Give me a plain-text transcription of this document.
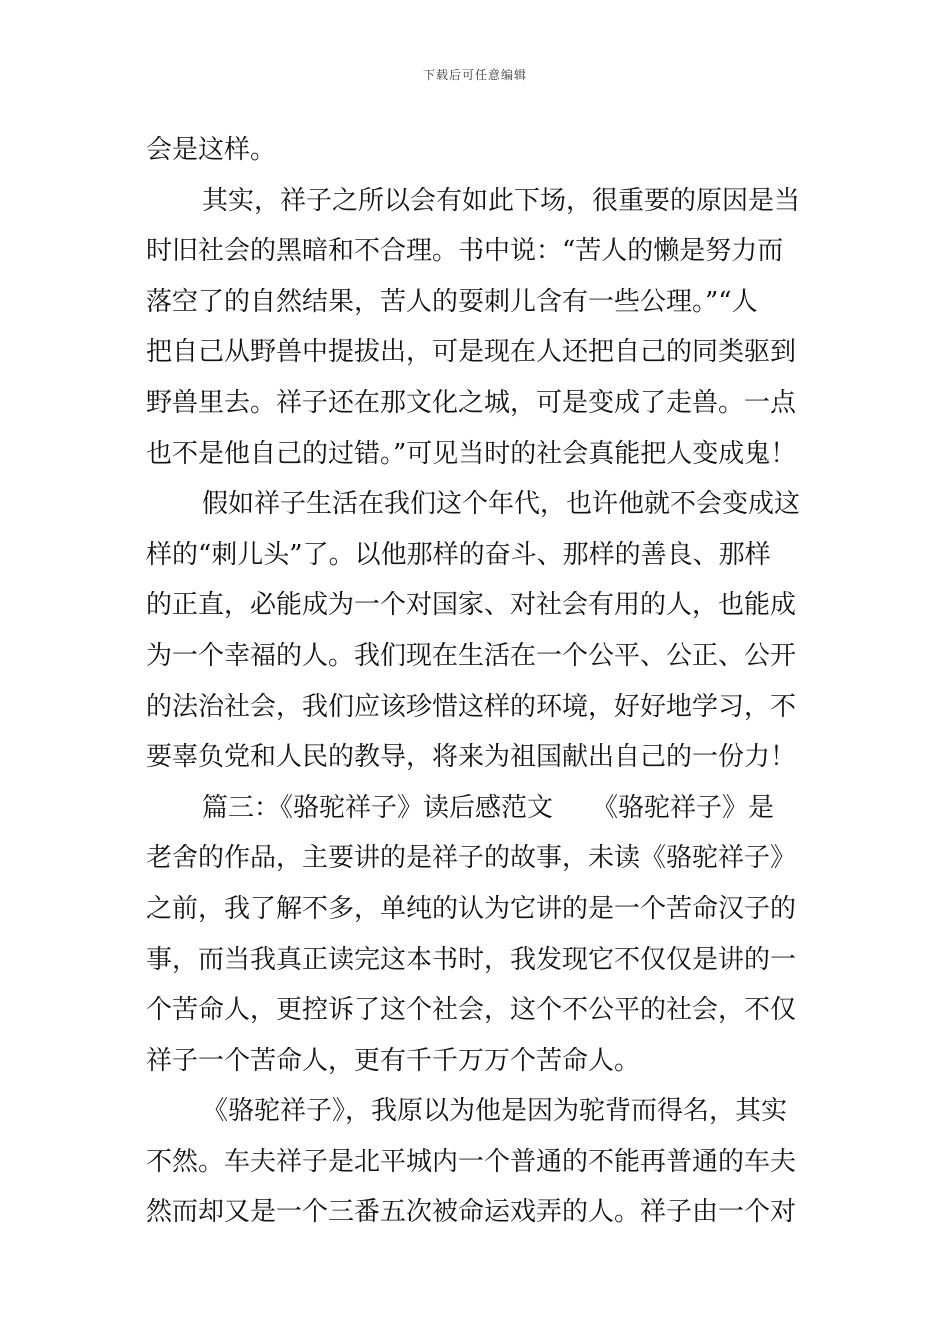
下载后可任意编辑
会是这样。
其实，祥子之所以会有如此下场，很重要的原因是当
时旧社会的黑暗和不合理。书中说：“苦人的懒是努力而
落空了的自然结果，苦人的耍刺儿含有一些公理。”“人
把自己从野兽中提拔出，可是现在人还把自己的同类驱到
野兽里去。祥子还在那文化之城，可是变成了走兽。一点
也不是他自己的过错。”可见当时的社会真能把人变成鬼！
假如祥子生活在我们这个年代，也许他就不会变成这
样的“刺儿头”了。以他那样的奋斗、那样的善良、那样
的正直，必能成为一个对国家、对社会有用的人，也能成
为一个幸福的人。我们现在生活在一个公平、公正、公开
的法治社会，我们应该珍惜这样的环境，好好地学习，不
要辜负党和人民的教导，将来为祖国献出自己的一份力！
篇三：《骆驼祥子》读后感范文　　《骆驼祥子》是
老舍的作品，主要讲的是祥子的故事，未读《骆驼祥子》
之前，我了解不多，单纯的认为它讲的是一个苦命汉子的
事，而当我真正读完这本书时，我发现它不仅仅是讲的一
个苦命人，更控诉了这个社会，这个不公平的社会，不仅
祥子一个苦命人，更有千千万万个苦命人。
《骆驼祥子》，我原以为他是因为驼背而得名，其实
不然。车夫祥子是北平城内一个普通的不能再普通的车夫
然而却又是一个三番五次被命运戏弄的人。祥子由一个对
